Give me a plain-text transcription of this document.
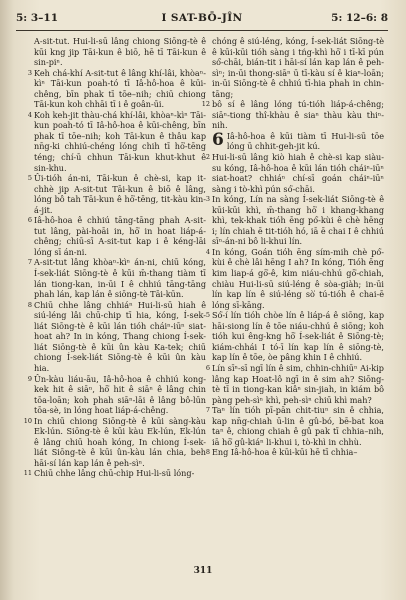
5: 3–11	I SAT-BŌ-JÎN	5: 12–6: 8

A-sit-tut. Hui-li-sū lâng chiong Siōng-tè ê kūi kng jip Tāi-kun ê biō, hē tī Tāi-kun ê sin-pi‍ⁿ.

3 Keh chá-khí A-sit-tut ê lâng khí-lâi, khòa‍ⁿ-kì‍ⁿ Tāi-kun poah-tó tī Iâ-hô-hoa ê kūi-chêng, bīn phak tī tōe–nih; chiū chiong Tāi-kun koh chhāi tī i ê goân-ūi.

4 Koh keh-jit thàu-chá khí-lâi, khòa‍ⁿ-kì‍ⁿ Tāi-kun poah-tó tī Iâ-hô-hoa ê kūi-chêng, bīn phak tī tōe–nih; koh Tāi-kun ê thâu kap nn̄g-ki chhiú-chéng lóng chih tī hō͘-tēng téng; chí-ū chhun Tāi-kun khut-khut ê sin-khu.

5 Ûi-tióh án-ni, Tāi-kun ê chè-si, kap it-chhè jip A-sit-tut Tāi-kun ê biō ê lâng, lóng bô tah Tāi-kun ê hō͘-tēng, tit-kàu kin-á-jit.

6 Iâ-hô-hoa ê chhiú tāng-tāng phah A-sit-tut lâng, pài-hoāi in, hō͘ in hoat liáp-á-chêng; chiū-sī A-sit-tut kap i ê kéng-lāi lóng sī án-ni.

7 A-sit-tut lâng khòa‍ⁿ-kì‍ⁿ án-ni, chiū kóng, Í-sek-liát Siōng-tè ê kūi m̄-thang tiàm tī lán tiong-kan, in-ūi I ê chhiú tāng-tāng phah lán, kap lán ê siōng-tè Tāi-kūn.

8 Chiū chhe lâng chhiá‍ⁿ Hui-li-sū hiah ê siú-léng lâi chū-chip tī hia, kóng, Í-sek-liát Siōng-tè ê kūi lán tióh chái‍ⁿ-iū‍ⁿ siat-hoat ah? In in kóng, Thang chiong Í-sek-liát Siōng-tè ê kūi ûn kàu Ka-tek; chiū chiong Í-sek-liát Siōng-tè ê kūi ûn kàu hia.

9 Ûn-kàu liáu-āu, Iâ-hô-hoa ê chhiú kong-kek hit ê siā‍ⁿ, hō͘ hit ê siā‍ⁿ ê lâng chin tōa-loān; koh phah siā‍ⁿ-lāi ê lâng bô-lūn tōa-sè, in lóng hoat liáp-á-chêng.

10 In chiū chiong Siōng-tè ê kūi sàng-kàu Ek-lún. Siōng-tè ê kūi kàu Ek-lún, Ek-lún ê lâng chiū hoah kóng, In chiong Í-sek-liát Siōng-tè ê kūi ûn-kàu lán chia, beh hāi-sí lán kap lán ê peh-sì‍ⁿ.

11 Chiū chhe lâng chū-chip Hui-li-sū lóng-

chóng ê siú-léng, kóng, Í-sek-liát Siōng-tè ê kūi-kūi tióh sàng i tńg-khì hō͘ i tī-kī pún só͘-chāi, bián-tit i hāi-sí lán kap lán ê peh-sì‍ⁿ; in-ūi thong-siā‍ⁿ ū tī-kàu sí ê kiaⁿ-loān; in-ūi Siōng-tè ê chhiú tī-hia phah in chin-tāng;

12 bô sí ê lâng lóng tú-tióh liáp-á-chêng; siā‍ⁿ-tiong thî-khàu ê sia‍ⁿ thàu kàu thi‍ⁿ-nih.

6 Iâ-hô-hoa ê kūi tiàm tī Hui-li-sū tōe lóng ū chhit-geh-jit kú.

2 Hui-li-sū lâng kiò hiah ê chè-si kap siàu-su kóng, Iâ-hô-hoa ê kūi lán tióh chái‍ⁿ-iū‍ⁿ siat-hoat? chhiá‍ⁿ chí-sī goán chái‍ⁿ-iū‍ⁿ sàng i tò-khì pún só͘-chāi.

3 In kóng, Lín na sàng Í-sek-liát Siōng-tè ê kūi-kūi khì, m̄-thang hō͘ i khang-khang khì, tek-khak tióh ēng pó͘-kùi ê chè hēng i; lín chiah ē tit-tióh hó, iā ē chai I ê chhiú sī‍ⁿ-án-ni bô li-khui lín.

4 In kóng, Goán tióh ēng sím-mih chè pó͘-kùi ê chè lâi hēng I ah? In kóng, Tióh ēng kim liap-á gō͘-ê, kim niáu-chhú gō͘-chiah, chiàu Hui-li-sū siú-léng ê sòa-giàh; in-ūi lín kap lín ê siú-léng sò͘ tú-tióh ê chai-ē lóng sī-kāng.

5 Só͘-í lín tióh chòe lín ê liáp-á ê siōng, kap hāi-siong lín ê tōe niáu-chhú ê siōng; koh tióh kui êng-kng hō͘ Í-sek-liát ê Siōng-tè; kiám-chhái I tó-ī lín kap lín ê siōng-tè, kap lín ê tōe, òe pâng khin I ê chhiú.

6 Lín sī‍ⁿ-sī ngī lín ê sim, chhin-chhiū‍ⁿ Ai-kip lâng kap Hoat-lô ngī in ê sim ah? Siōng-tè tī in tiong-kan kiâ‍ⁿ sin-jiah, in kiám bô pàng peh-sì‍ⁿ khì, peh-sì‍ⁿ chiū khì mah?

7 Ta‍ⁿ lín tióh pī-pān chit-tiuⁿ sin ê chhia, kap nn̄g-chiah ū-lin ê gû-bó, bē-bat koa ta‍ⁿ ê, chiong chiah ê gû pak tī chhia–nih, iā hō͘ gû-kiá‍ⁿ li-khui i, tò-khì in chhù.

8 Eng Iâ-hô-hoa ê kūi-kūi hē tī chhia–

311
